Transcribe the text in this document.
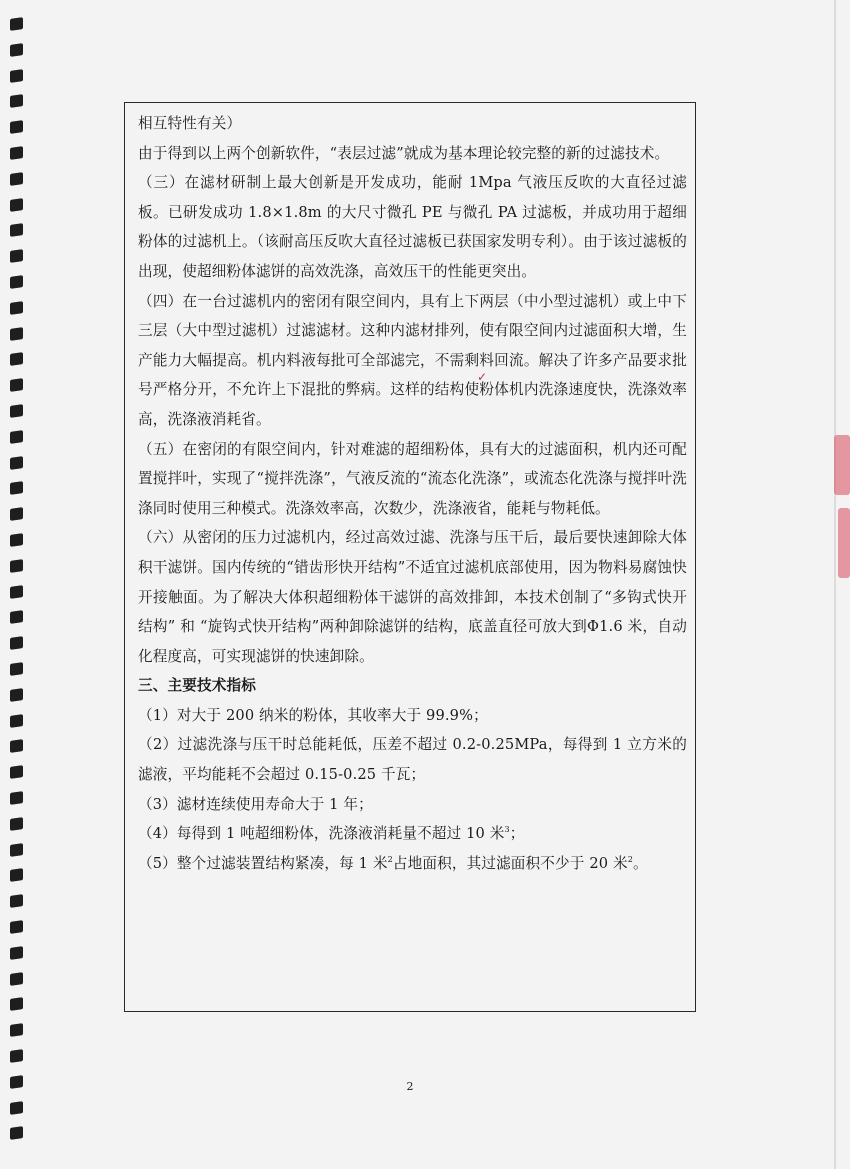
相互特性有关）

由于得到以上两个创新软件，“表层过滤”就成为基本理论较完整的新的过滤技术。

（三）在滤材研制上最大创新是开发成功，能耐 1Mpa 气液压反吹的大直径过滤板。已研发成功 1.8×1.8m 的大尺寸微孔 PE 与微孔 PA 过滤板，并成功用于超细粉体的过滤机上。（该耐高压反吹大直径过滤板已获国家发明专利）。由于该过滤板的出现，使超细粉体滤饼的高效洗涤，高效压干的性能更突出。

（四）在一台过滤机内的密闭有限空间内，具有上下两层（中小型过滤机）或上中下三层（大中型过滤机）过滤滤材。这种内滤材排列，使有限空间内过滤面积大增，生产能力大幅提高。机内料液每批可全部滤完，不需剩料回流。解决了许多产品要求批号严格分开，不允许上下混批的弊病。这样的结构使粉体机内洗涤速度快，洗涤效率高，洗涤液消耗省。

（五）在密闭的有限空间内，针对难滤的超细粉体，具有大的过滤面积，机内还可配置搅拌叶，实现了“搅拌洗涤”，气液反流的“流态化洗涤”，或流态化洗涤与搅拌叶洗涤同时使用三种模式。洗涤效率高，次数少，洗涤液省，能耗与物耗低。

（六）从密闭的压力过滤机内，经过高效过滤、洗涤与压干后，最后要快速卸除大体积干滤饼。国内传统的“错齿形快开结构”不适宜过滤机底部使用，因为物料易腐蚀快开接触面。为了解决大体积超细粉体干滤饼的高效排卸，本技术创制了“多钩式快开结构” 和 “旋钩式快开结构”两种卸除滤饼的结构，底盖直径可放大到Φ1.6 米，自动化程度高，可实现滤饼的快速卸除。

三、主要技术指标

（1）对大于 200 纳米的粉体，其收率大于 99.9%；

（2）过滤洗涤与压干时总能耗低，压差不超过 0.2-0.25MPa，每得到 1 立方米的滤液，平均能耗不会超过 0.15-0.25 千瓦；

（3）滤材连续使用寿命大于 1 年；

（4）每得到 1 吨超细粉体，洗涤液消耗量不超过 10 米$^3$；

（5）整个过滤装置结构紧凑，每 1 米$^2$占地面积，其过滤面积不少于 20 米$^2$。

✓
2
